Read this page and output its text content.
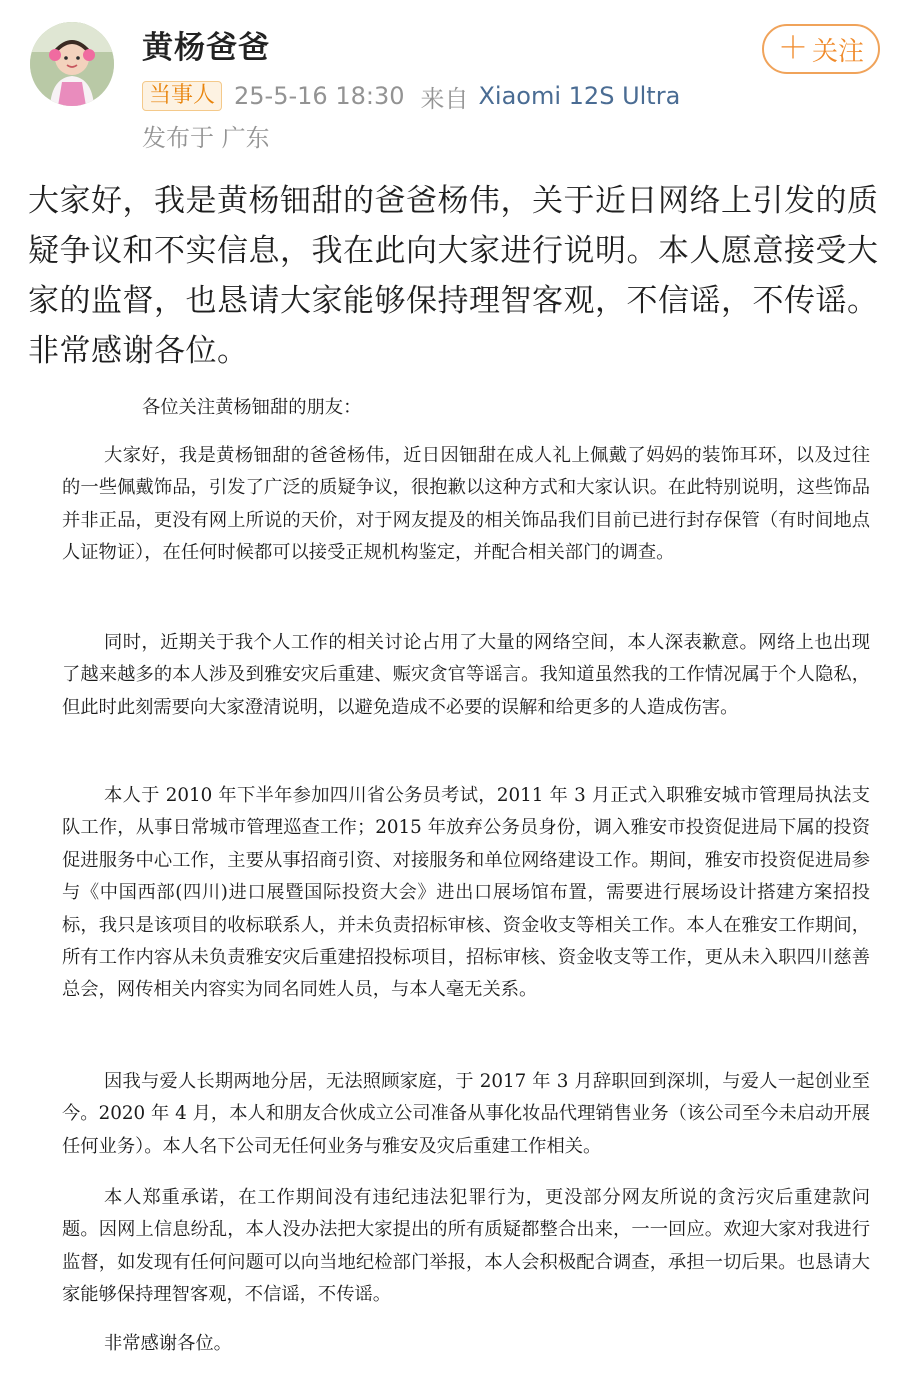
黄杨爸爸
当事人 25-5-16 18:30 来自 Xiaomi 12S Ultra
发布于 广东
＋ 关注
大家好，我是黄杨钿甜的爸爸杨伟，关于近日网络上引发的质疑争议和不实信息，我在此向大家进行说明。本人愿意接受大家的监督，也恳请大家能够保持理智客观，不信谣，不传谣。非常感谢各位。
各位关注黄杨钿甜的朋友：
大家好，我是黄杨钿甜的爸爸杨伟，近日因钿甜在成人礼上佩戴了妈妈的装饰耳环，以及过往的一些佩戴饰品，引发了广泛的质疑争议，很抱歉以这种方式和大家认识。在此特别说明，这些饰品并非正品，更没有网上所说的天价，对于网友提及的相关饰品我们目前已进行封存保管（有时间地点人证物证），在任何时候都可以接受正规机构鉴定，并配合相关部门的调查。
同时，近期关于我个人工作的相关讨论占用了大量的网络空间，本人深表歉意。网络上也出现了越来越多的本人涉及到雅安灾后重建、赈灾贪官等谣言。我知道虽然我的工作情况属于个人隐私，但此时此刻需要向大家澄清说明，以避免造成不必要的误解和给更多的人造成伤害。
本人于 2010 年下半年参加四川省公务员考试，2011 年 3 月正式入职雅安城市管理局执法支队工作，从事日常城市管理巡查工作；2015 年放弃公务员身份，调入雅安市投资促进局下属的投资促进服务中心工作，主要从事招商引资、对接服务和单位网络建设工作。期间，雅安市投资促进局参与《中国西部(四川)进口展暨国际投资大会》进出口展场馆布置，需要进行展场设计搭建方案招投标，我只是该项目的收标联系人，并未负责招标审核、资金收支等相关工作。本人在雅安工作期间，所有工作内容从未负责雅安灾后重建招投标项目，招标审核、资金收支等工作，更从未入职四川慈善总会，网传相关内容实为同名同姓人员，与本人毫无关系。
因我与爱人长期两地分居，无法照顾家庭，于 2017 年 3 月辞职回到深圳，与爱人一起创业至今。2020 年 4 月，本人和朋友合伙成立公司准备从事化妆品代理销售业务（该公司至今未启动开展任何业务）。本人名下公司无任何业务与雅安及灾后重建工作相关。
本人郑重承诺，在工作期间没有违纪违法犯罪行为，更没部分网友所说的贪污灾后重建款问题。因网上信息纷乱，本人没办法把大家提出的所有质疑都整合出来，一一回应。欢迎大家对我进行监督，如发现有任何问题可以向当地纪检部门举报，本人会积极配合调查，承担一切后果。也恳请大家能够保持理智客观，不信谣，不传谣。
非常感谢各位。
